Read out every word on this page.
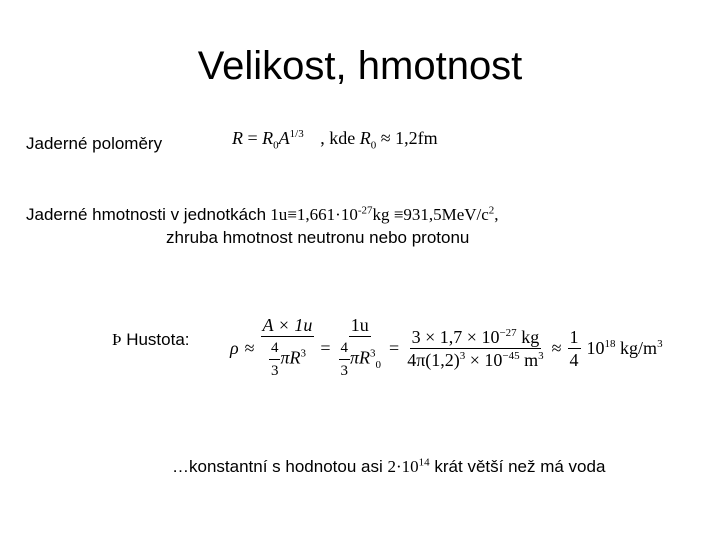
Velikost, hmotnost
Jaderné poloměry	$R = R_0A^{1/3}$ , kde $R_0 \approx 1,2fm$
Jaderné hmotnosti v jednotkách $1u\equiv 1,661\cdot 10^{-27}kg \equiv 931,5MeV/c^2$,
zhruba hmotnost neutronu nebo protonu
Þ Hustota: $\rho \approx \frac{A \times 1u}{\frac{4}{3} \pi R^3} = \frac{1u}{\frac{4}{3} \pi R^3_0} = \frac{3 \times 1,7 \times 10^{-27} kg}{4\pi(1,2)^3 \times 10^{-45} m^3} \approx \frac{1}{4} 10^{18}$ $kg/m^3$
…konstantní s hodnotou asi $2\cdot 10^{14}$ krát větší než má voda
